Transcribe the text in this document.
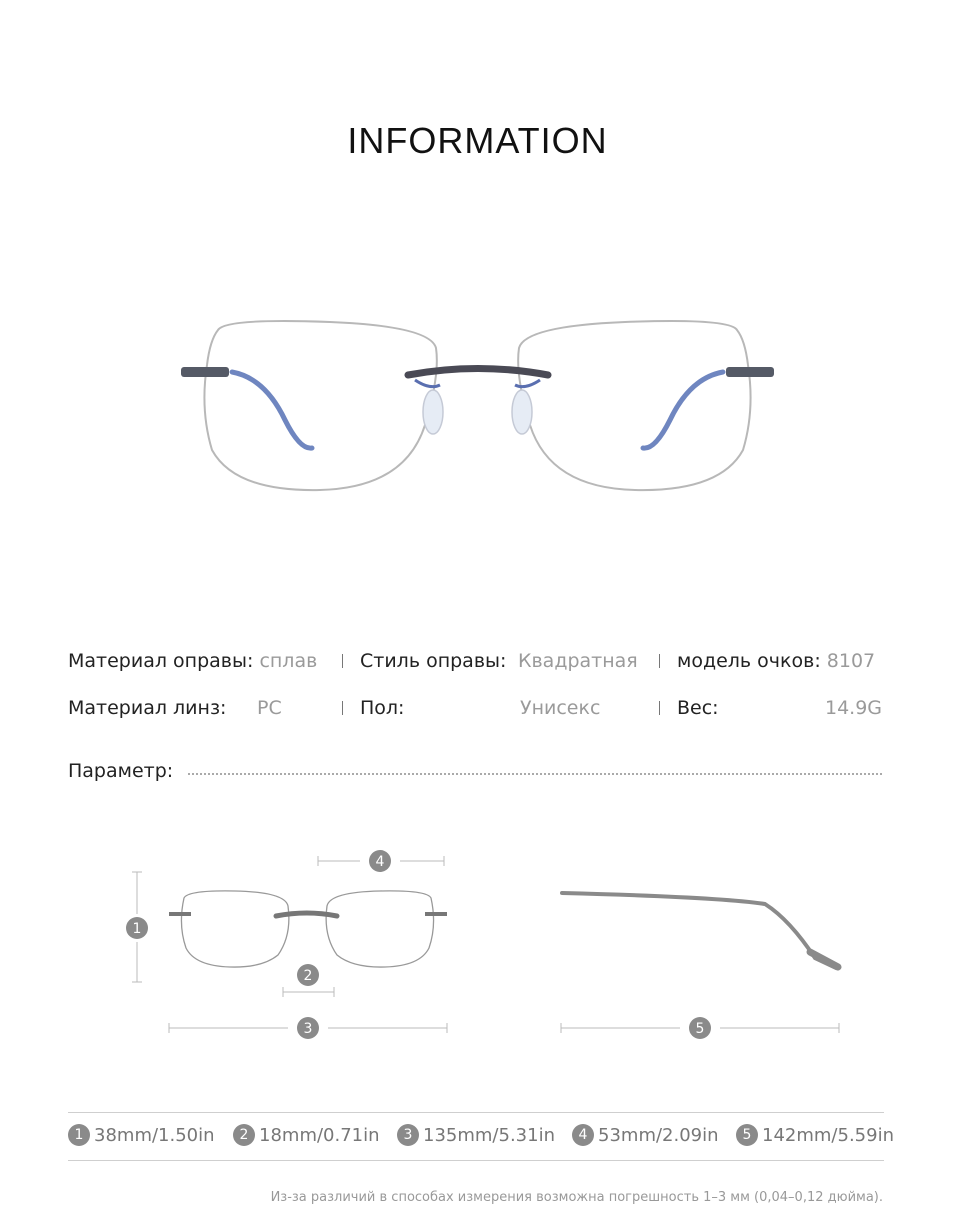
INFORMATION
Материал оправы: сплав Стиль оправы: Квадратная модель очков: 8107
Материал линз: PC	Пол:	Унисекс	Вес:	14.9G
Параметр:
1
4
2
3	5
1 38mm/1.50in	2 18mm/0.71in	3 135mm/5.31in	4 53mm/2.09in	5 142mm/5.59in
Из-за различий в способах измерения возможна погрешность 1–3 мм (0,04–0,12 дюйма).
